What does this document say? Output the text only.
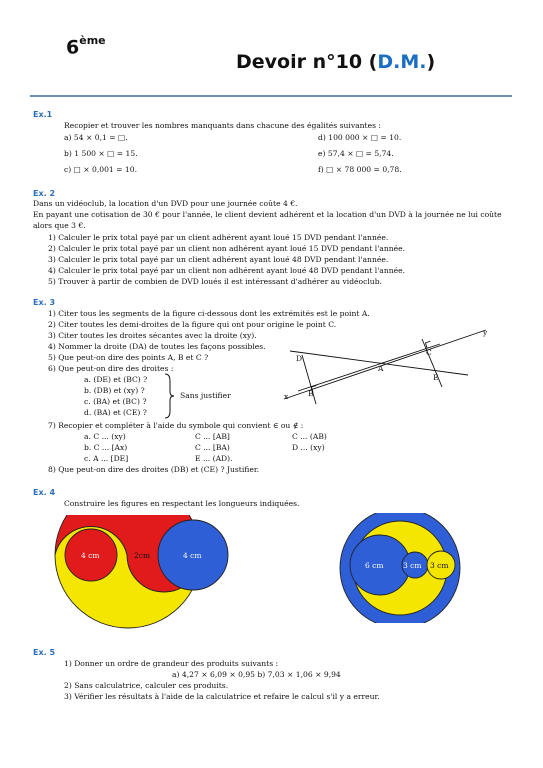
6ème
Devoir n°10 (D.M.)
Ex.1
Recopier et trouver les nombres manquants dans chacune des égalités suivantes :
a) 54 × 0,1 = □.	d) 100 000 × □ = 10.
b) 1 500 × □ = 15.	e) 57,4 × □ = 5,74.
c) □ × 0,001 = 10.	f) □ × 78 000 = 0,78.
Ex. 2
Dans un vidéoclub, la location d'un DVD pour une journée coûte 4 €.
En payant une cotisation de 30 € pour l'année, le client devient adhérent et la location d'un DVD à la journée ne lui coûte
alors que 3 €.
1) Calculer le prix total payé par un client adhérent ayant loué 15 DVD pendant l'année.
2) Calculer le prix total payé par un client non adhérent ayant loué 15 DVD pendant l'année.
3) Calculer le prix total payé par un client adhérent ayant loué 48 DVD pendant l'année.
4) Calculer le prix total payé par un client non adhérent ayant loué 48 DVD pendant l'année.
5) Trouver à partir de combien de DVD loués il est intéressant d'adhérer au vidéoclub.
Ex. 3
1) Citer tous les segments de la figure ci-dessous dont les extrémités est le point A.
2) Citer toutes les demi-droites de la figure qui ont pour origine le point C.
3) Citer toutes les droites sécantes avec la droite (xy).
4) Nommer la droite (DA) de toutes les façons possibles.
5) Que peut-on dire des points A, B et C ?
6) Que peut-on dire des droites :
a. (DE) et (BC) ?
b. (DB) et (xy) ?
c. (BA) et (BC) ?
d. (BA) et (CE) ?
Sans justifier
7) Recopier et compléter à l'aide du symbole qui convient ∈ ou ∉ :
a. C ... (xy)	C ... [AB]	C ... (AB)
b. C ... [Ax)	C ... [BA)	D ... (xy)
c. A ... [DE]	E ... (AD).
8) Que peut-on dire des droites (DB) et (CE) ? Justifier.
D
C
A
E
B
x
y
Ex. 4
Construire les figures en respectant les longueurs indiquées.
4 cm	4 cm
2cm
6 cm	3 cm 3 cm
Ex. 5
1) Donner un ordre de grandeur des produits suivants :
a) 4,27 × 6,09 × 0,95 b) 7,03 × 1,06 × 9,94
2) Sans calculatrice, calculer ces produits.
3) Vérifier les résultats à l'aide de la calculatrice et refaire le calcul s'il y a erreur.
